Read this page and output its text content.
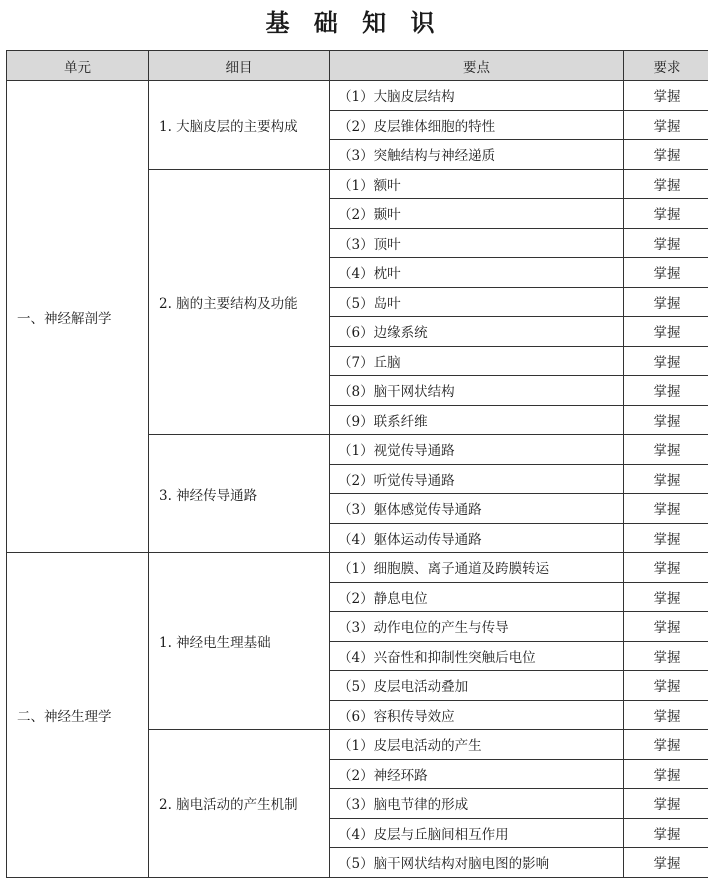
基 础 知 识
单元	细目	要点	要求
一、神经解剖学	1. 大脑皮层的主要构成	（1）大脑皮层结构	掌握
		（2）皮层锥体细胞的特性	掌握
		（3）突触结构与神经递质	掌握
	2. 脑的主要结构及功能	（1）额叶	掌握
		（2）颞叶	掌握
		（3）顶叶	掌握
		（4）枕叶	掌握
		（5）岛叶	掌握
		（6）边缘系统	掌握
		（7）丘脑	掌握
		（8）脑干网状结构	掌握
		（9）联系纤维	掌握
	3. 神经传导通路	（1）视觉传导通路	掌握
		（2）听觉传导通路	掌握
		（3）躯体感觉传导通路	掌握
		（4）躯体运动传导通路	掌握
二、神经生理学	1. 神经电生理基础	（1）细胞膜、离子通道及跨膜转运	掌握
		（2）静息电位	掌握
		（3）动作电位的产生与传导	掌握
		（4）兴奋性和抑制性突触后电位	掌握
		（5）皮层电活动叠加	掌握
		（6）容积传导效应	掌握
	2. 脑电活动的产生机制	（1）皮层电活动的产生	掌握
		（2）神经环路	掌握
		（3）脑电节律的形成	掌握
		（4）皮层与丘脑间相互作用	掌握
		（5）脑干网状结构对脑电图的影响	掌握
